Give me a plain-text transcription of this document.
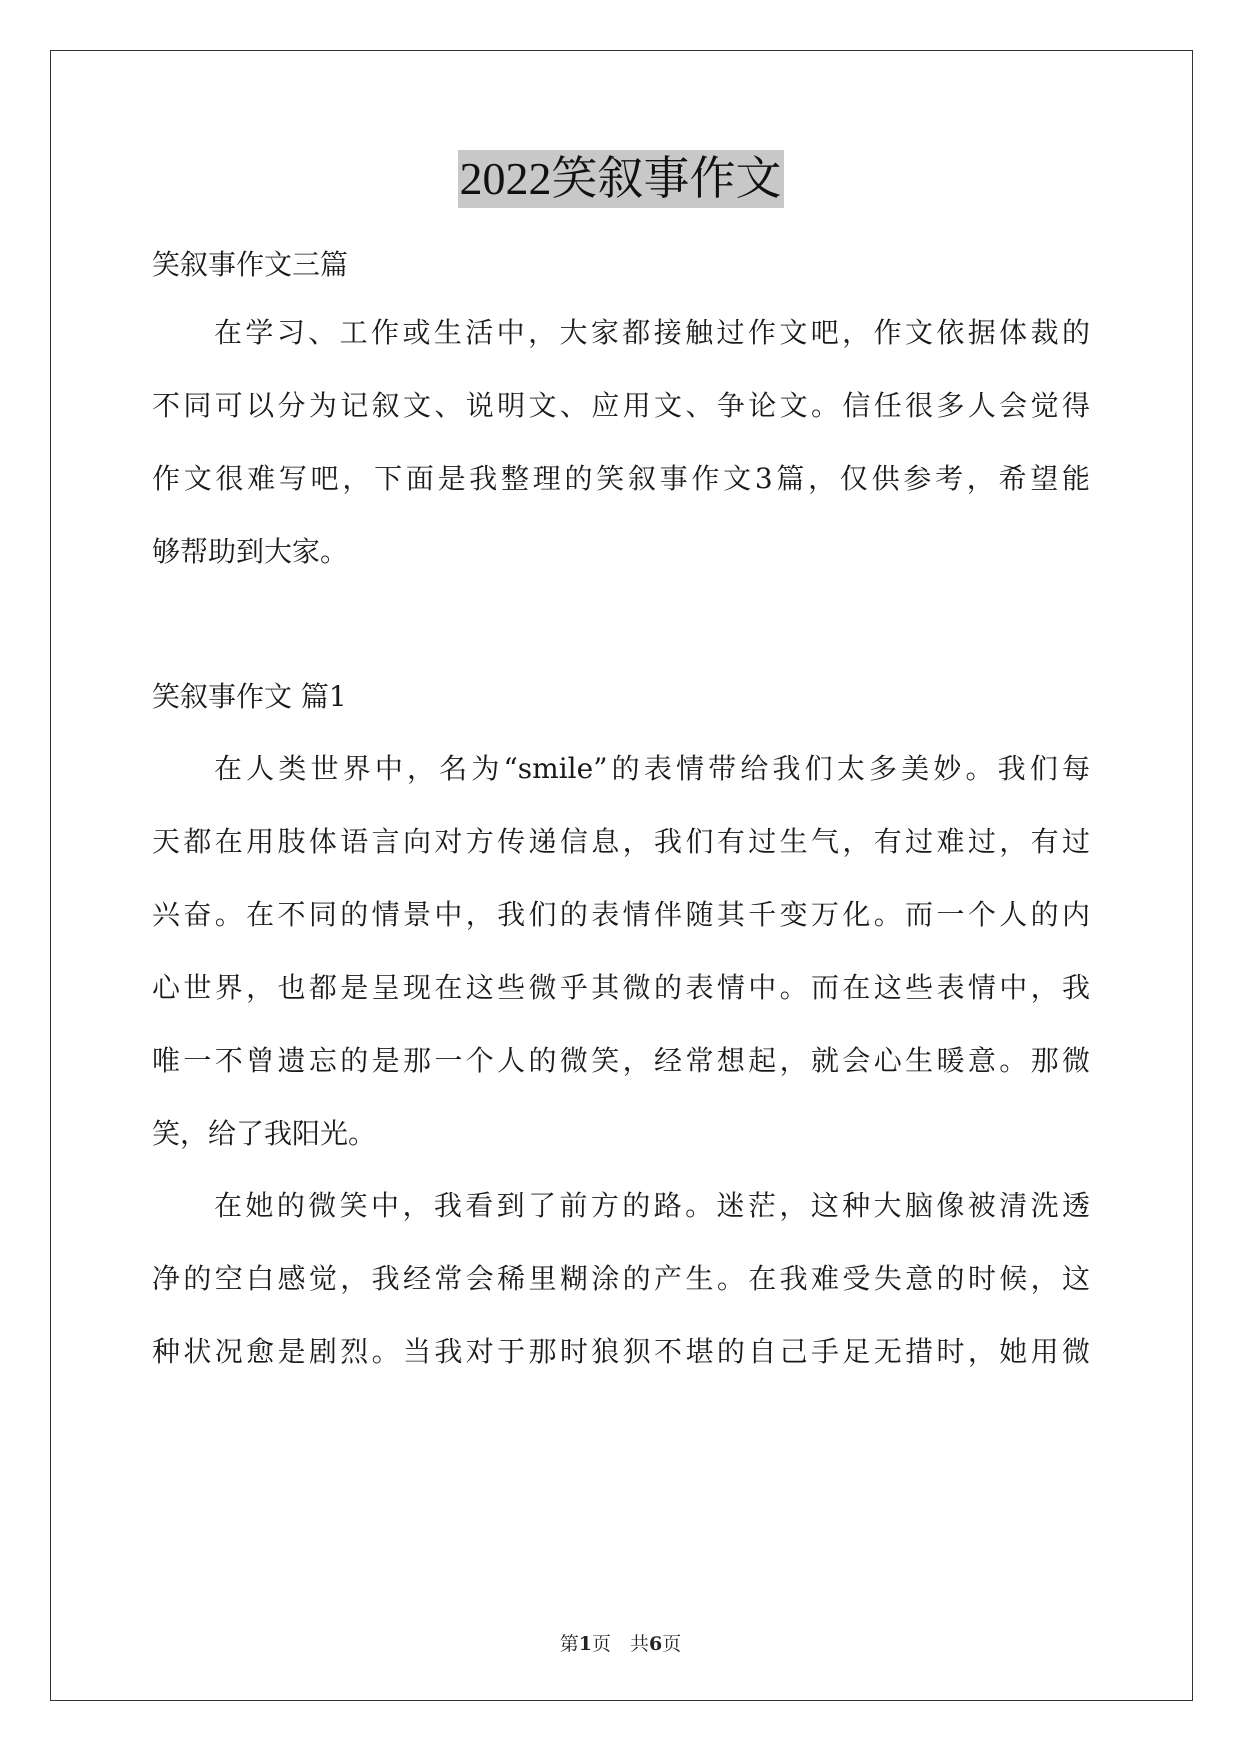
2022笑叙事作文
笑叙事作文三篇
在学习、工作或生活中，大家都接触过作文吧，作文依据体裁的
不同可以分为记叙文、说明文、应用文、争论文。信任很多人会觉得
作文很难写吧，下面是我整理的笑叙事作文3篇，仅供参考，希望能
够帮助到大家。
笑叙事作文 篇1
在人类世界中，名为“smile”的表情带给我们太多美妙。我们每
天都在用肢体语言向对方传递信息，我们有过生气，有过难过，有过
兴奋。在不同的情景中，我们的表情伴随其千变万化。而一个人的内
心世界，也都是呈现在这些微乎其微的表情中。而在这些表情中，我
唯一不曾遗忘的是那一个人的微笑，经常想起，就会心生暖意。那微
笑，给了我阳光。
在她的微笑中，我看到了前方的路。迷茫，这种大脑像被清洗透
净的空白感觉，我经常会稀里糊涂的产生。在我难受失意的时候，这
种状况愈是剧烈。当我对于那时狼狈不堪的自己手足无措时，她用微
第1页　共6页
